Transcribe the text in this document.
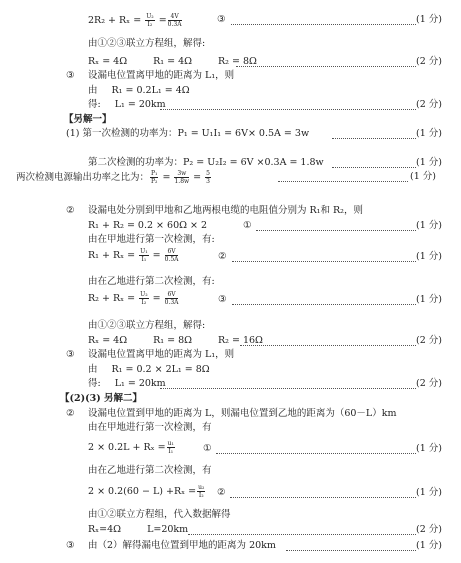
$2R_2 + R_x = \frac{\text{U₂}}{\text{I₂}} = \frac{4V}{0.3A}$	③	(1 分)
由①②③联立方程组，解得:
Rₓ = 4Ω	R₁ = 4Ω	R₂ = 8Ω	(2 分)
③ 设漏电位置离甲地的距离为 L₁，则
由 R₁ = 0.2L₁ = 4Ω
得: L₁ = 20km	(2 分)
【另解一】
(1) 第一次检测的功率为：P₁ = U₁I₁ = 6V× 0.5A = 3w	(1 分)
第二次检测的功率为：P₂ = U₂I₂ = 6V ×0.3A = 1.8w	(1 分)
两次检测电源输出功率之比为： $\frac{\text{P₁}}{\text{P₂}} = \frac{3w}{1.8w} = \frac{5}{3}$	(1 分)
② 设漏电处分别到甲地和乙地两根电缆的电阻值分别为 R₁和 R₂，则
R₁ + R₂ = 0.2 × 60Ω × 2	①	(1 分)
由在甲地进行第一次检测，有:
$R_1 + R_x = \frac{\text{U₁}}{\text{I₁}} = \frac{6V}{0.5A}$	②	(1 分)
由在乙地进行第二次检测，有:
$R_2 + R_x = \frac{\text{U₂}}{\text{I₂}} = \frac{6V}{0.3A}$	③	(1 分)
由①②③联立方程组，解得:
Rₓ = 4Ω	R₁ = 8Ω	R₂ = 16Ω	(2 分)
③ 设漏电位置离甲地的距离为 L₁，则
由 R₁ = 0.2 × 2L₁ = 8Ω
得: L₁ = 20km	(2 分)
【(2)(3) 另解二】
② 设漏电位置到甲地的距离为 L，则漏电位置到乙地的距离为（60－L）km
由在甲地进行第一次检测，有
$2 \times 0.2L + R_x = \frac{\text{u₁}}{\text{I₁}}$	①	(1 分)
由在乙地进行第二次检测，有
$2 \times 0.2(60 - L) +R_x = \frac{\text{u₂}}{\text{I₂}}$ ②	(1 分)
由①②联立方程组，代入数据解得
Rₓ=4Ω	L=20km	(2 分)
③ 由（2）解得漏电位置到甲地的距离为 20km	(1 分)
